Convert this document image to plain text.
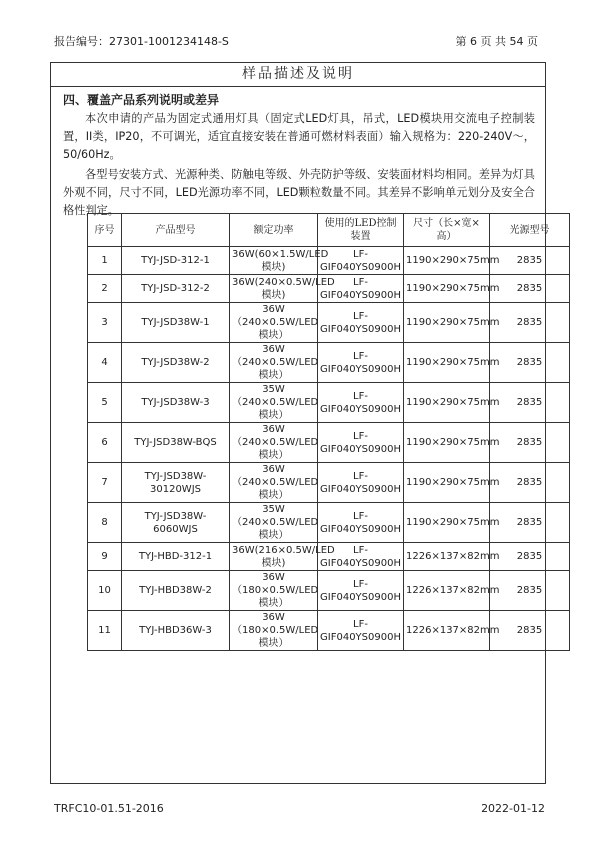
报告编号：27301-1001234148-S	第 6 页 共 54 页
样品描述及说明
四、覆盖产品系列说明或差异
本次申请的产品为固定式通用灯具（固定式LED灯具，吊式，LED模块用交流电子控制装置，II类，IP20，不可调光，适宜直接安装在普通可燃材料表面）输入规格为：220-240V～，50/60Hz。
各型号安装方式、光源种类、防触电等级、外壳防护等级、安装面材料均相同。差异为灯具外观不同，尺寸不同，LED光源功率不同，LED颗粒数量不同。其差异不影响单元划分及安全合格性判定。
序号	产品型号	额定功率	使用的LED控制装置	尺寸（长×宽×高）	光源型号
1	TYJ-JSD-312-1	36W(60×1.5W/LED模块)	LF-GIF040YS0900H	1190×290×75mm	2835
2	TYJ-JSD-312-2	36W(240×0.5W/LED模块)	LF-GIF040YS0900H	1190×290×75mm	2835
3	TYJ-JSD38W-1	36W（240×0.5W/LED模块）	LF-GIF040YS0900H	1190×290×75mm	2835
4	TYJ-JSD38W-2	36W（240×0.5W/LED模块）	LF-GIF040YS0900H	1190×290×75mm	2835
5	TYJ-JSD38W-3	35W（240×0.5W/LED模块）	LF-GIF040YS0900H	1190×290×75mm	2835
6	TYJ-JSD38W-BQS	36W（240×0.5W/LED模块）	LF-GIF040YS0900H	1190×290×75mm	2835
7	TYJ-JSD38W-30120WJS	36W（240×0.5W/LED模块）	LF-GIF040YS0900H	1190×290×75mm	2835
8	TYJ-JSD38W-6060WJS	35W（240×0.5W/LED模块）	LF-GIF040YS0900H	1190×290×75mm	2835
9	TYJ-HBD-312-1	36W(216×0.5W/LED模块)	LF-GIF040YS0900H	1226×137×82mm	2835
10	TYJ-HBD38W-2	36W（180×0.5W/LED模块）	LF-GIF040YS0900H	1226×137×82mm	2835
11	TYJ-HBD36W-3	36W（180×0.5W/LED模块）	LF-GIF040YS0900H	1226×137×82mm	2835
TRFC10-01.51-2016	2022-01-12
